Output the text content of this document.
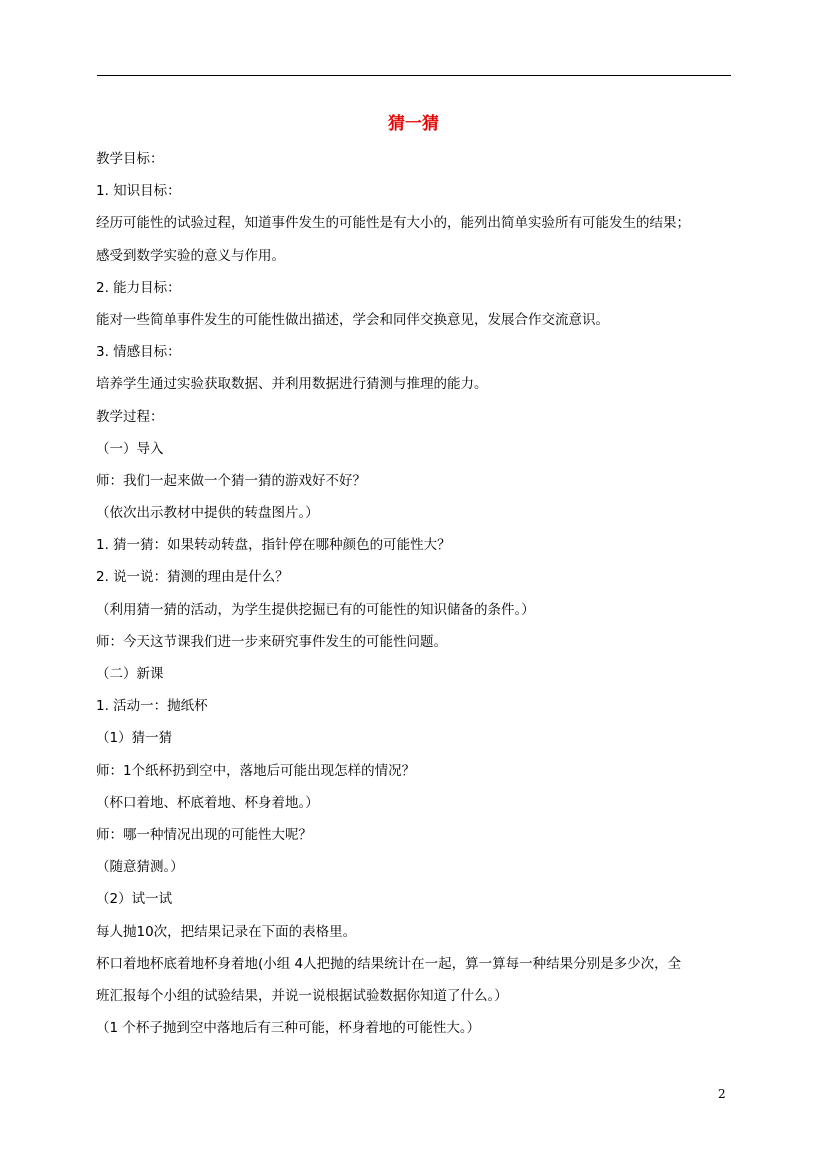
猜一猜
教学目标：
1. 知识目标：
经历可能性的试验过程，知道事件发生的可能性是有大小的，能列出简单实验所有可能发生的结果；
感受到数学实验的意义与作用。
2. 能力目标：
能对一些简单事件发生的可能性做出描述，学会和同伴交换意见，发展合作交流意识。
3. 情感目标：
培养学生通过实验获取数据、并利用数据进行猜测与推理的能力。
教学过程：
（一）导入
师：我们一起来做一个猜一猜的游戏好不好？
（依次出示教材中提供的转盘图片。）
1. 猜一猜：如果转动转盘，指针停在哪种颜色的可能性大？
2. 说一说：猜测的理由是什么？
（利用猜一猜的活动，为学生提供挖掘已有的可能性的知识储备的条件。）
师：今天这节课我们进一步来研究事件发生的可能性问题。
（二）新课
1. 活动一：抛纸杯
（1）猜一猜
师：1个纸杯扔到空中，落地后可能出现怎样的情况？
（杯口着地、杯底着地、杯身着地。）
师：哪一种情况出现的可能性大呢？
（随意猜测。）
（2）试一试
每人抛10次，把结果记录在下面的表格里。
杯口着地杯底着地杯身着地(小组 4人把抛的结果统计在一起，算一算每一种结果分别是多少次，全
班汇报每个小组的试验结果，并说一说根据试验数据你知道了什么。）
（1 个杯子抛到空中落地后有三种可能，杯身着地的可能性大。）
2
